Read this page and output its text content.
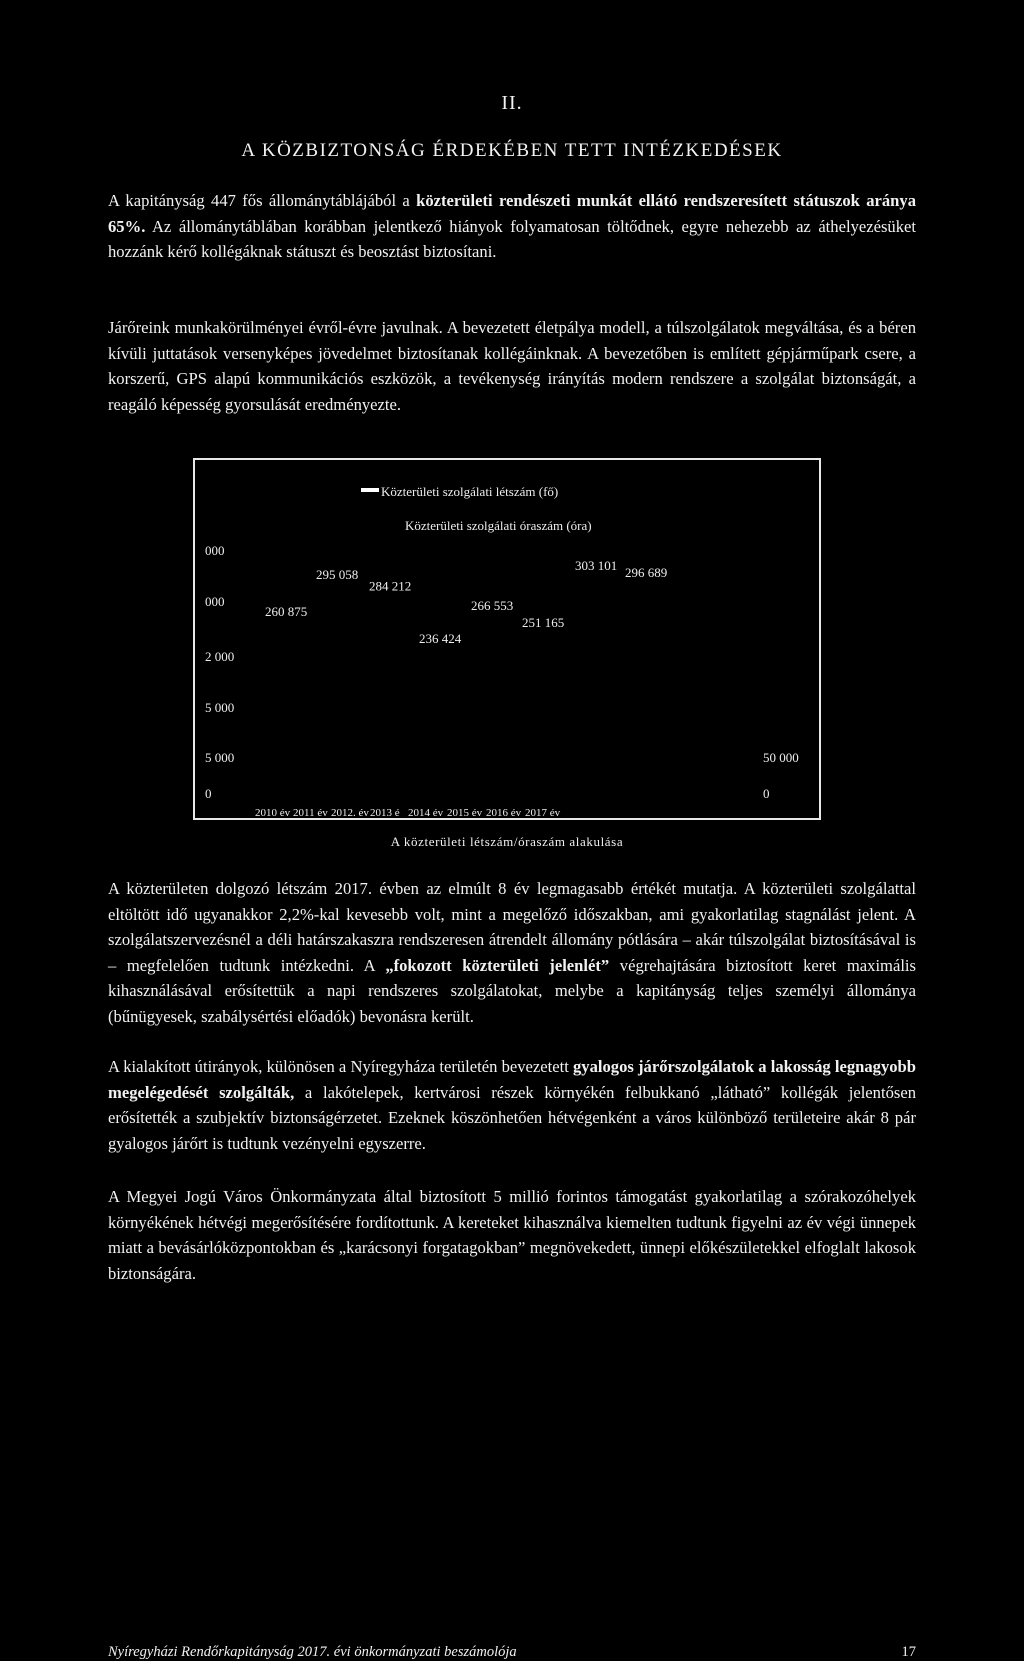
II.
A KÖZBIZTONSÁG ÉRDEKÉBEN TETT INTÉZKEDÉSEK

A kapitányság 447 fős állománytáblájából a közterületi rendészeti munkát ellátó rendszeresített státuszok aránya 65%. Az állománytáblában korábban jelentkező hiányok folyamatosan töltődnek, egyre nehezebb az áthelyezésüket hozzánk kérő kollégáknak státuszt és beosztást biztosítani.

Járőreink munkakörülményei évről-évre javulnak. A bevezetett életpálya modell, a túlszolgálatok megváltása, és a béren kívüli juttatások versenyképes jövedelmet biztosítanak kollégáinknak. A bevezetőben is említett gépjárműpark csere, a korszerű, GPS alapú kommunikációs eszközök, a tevékenység irányítás modern rendszere a szolgálat biztonságát, a reagáló képesség gyorsulását eredményezte.

Közterületi szolgálati létszám (fő)
Közterületi szolgálati óraszám (óra)
000
000
2 000
5 000
5 000
0
50 000
0
260 875
295 058
284 212
236 424
266 553
251 165
303 101 296 689
2010 év 2011 év 2012. év 2013 é 2014 év 2015 év 2016 év 2017 év
A közterületi létszám/óraszám alakulása

A közterületen dolgozó létszám 2017. évben az elmúlt 8 év legmagasabb értékét mutatja. A közterületi szolgálattal eltöltött idő ugyanakkor 2,2%-kal kevesebb volt, mint a megelőző időszakban, ami gyakorlatilag stagnálást jelent. A szolgálatszervezésnél a déli határszakaszra rendszeresen átrendelt állomány pótlására – akár túlszolgálat biztosításával is – megfelelően tudtunk intézkedni. A „fokozott közterületi jelenlét” végrehajtására biztosított keret maximális kihasználásával erősítettük a napi rendszeres szolgálatokat, melybe a kapitányság teljes személyi állománya (bűnügyesek, szabálysértési előadók) bevonásra került.

A kialakított útirányok, különösen a Nyíregyháza területén bevezetett gyalogos járőrszolgálatok a lakosság legnagyobb megelégedését szolgálták, a lakótelepek, kertvárosi részek környékén felbukkanó „látható” kollégák jelentősen erősítették a szubjektív biztonságérzetet. Ezeknek köszönhetően hétvégenként a város különböző területeire akár 8 pár gyalogos járőrt is tudtunk vezényelni egyszerre.

A Megyei Jogú Város Önkormányzata által biztosított 5 millió forintos támogatást gyakorlatilag a szórakozóhelyek környékének hétvégi megerősítésére fordítottunk. A kereteket kihasználva kiemelten tudtunk figyelni az év végi ünnepek miatt a bevásárlóközpontokban és „karácsonyi forgatagokban” megnövekedett, ünnepi előkészületekkel elfoglalt lakosok biztonságára.

Nyíregyházi Rendőrkapitányság 2017. évi önkormányzati beszámolója	17
